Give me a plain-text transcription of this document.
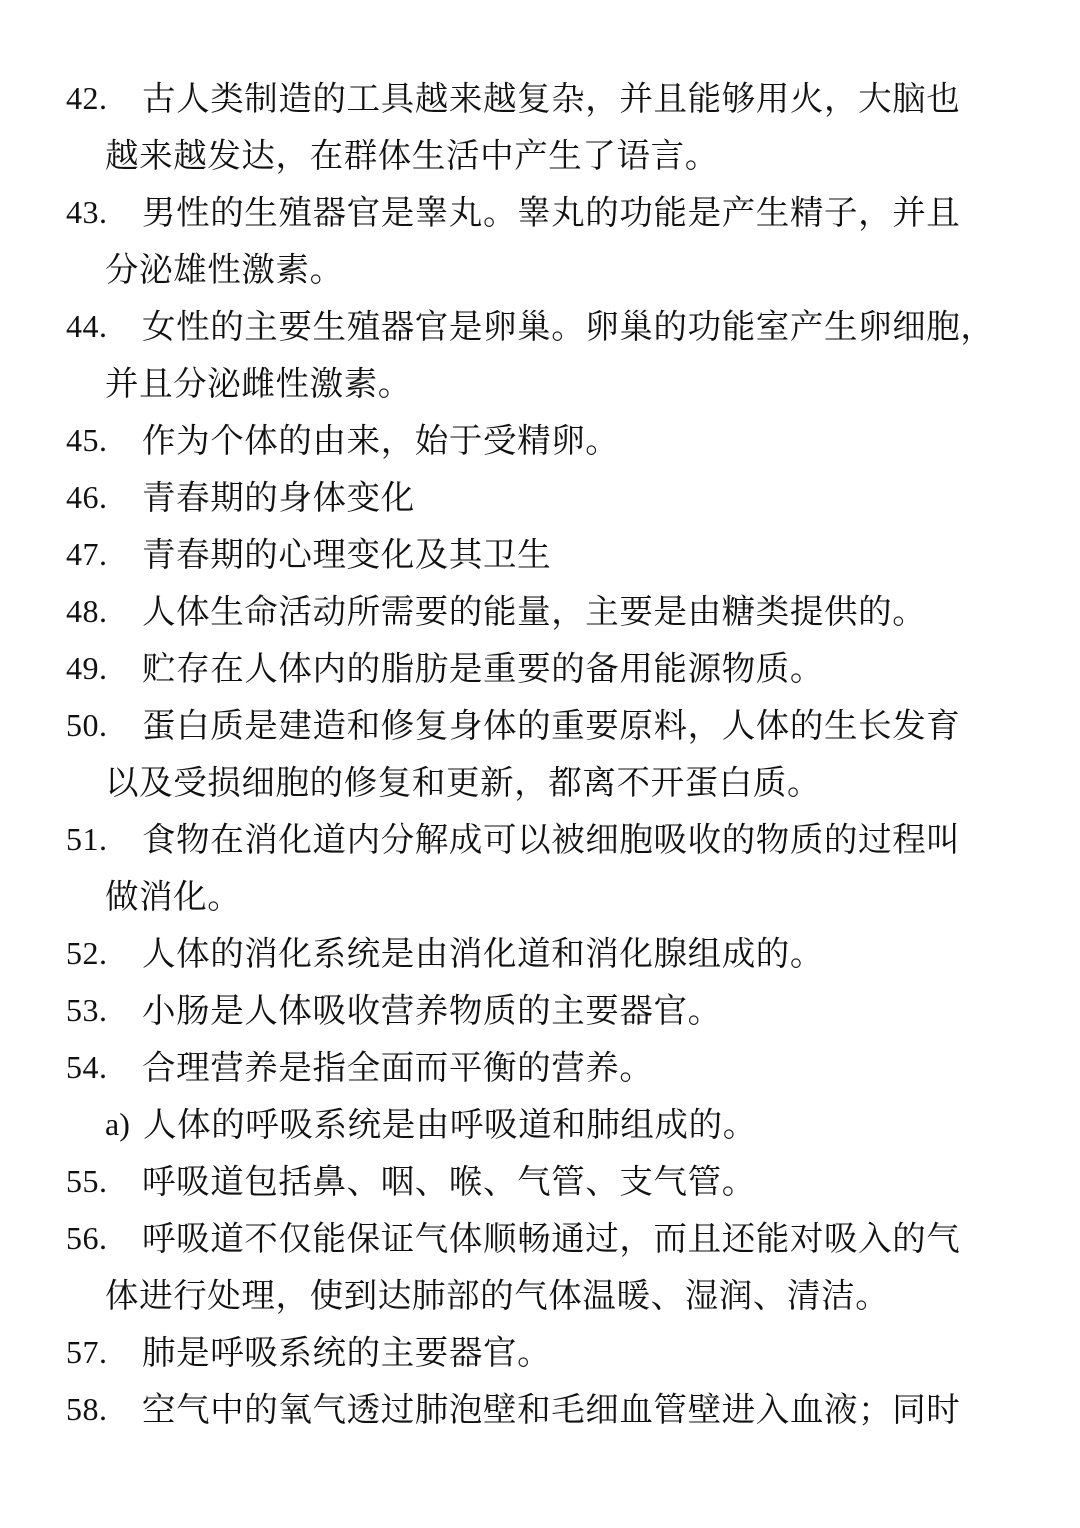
42.	古人类制造的工具越来越复杂，并且能够用火，大脑也
越来越发达，在群体生活中产生了语言。
43.	男性的生殖器官是睾丸。睾丸的功能是产生精子，并且
分泌雄性激素。
44.	女性的主要生殖器官是卵巢。卵巢的功能室产生卵细胞，
并且分泌雌性激素。
45.	作为个体的由来，始于受精卵。
46.	青春期的身体变化
47.	青春期的心理变化及其卫生
48.	人体生命活动所需要的能量，主要是由糖类提供的。
49.	贮存在人体内的脂肪是重要的备用能源物质。
50.	蛋白质是建造和修复身体的重要原料，人体的生长发育
以及受损细胞的修复和更新，都离不开蛋白质。
51.	食物在消化道内分解成可以被细胞吸收的物质的过程叫
做消化。
52.	人体的消化系统是由消化道和消化腺组成的。
53.	小肠是人体吸收营养物质的主要器官。
54.	合理营养是指全面而平衡的营养。
a) 人体的呼吸系统是由呼吸道和肺组成的。
55.	呼吸道包括鼻、咽、喉、气管、支气管。
56.	呼吸道不仅能保证气体顺畅通过，而且还能对吸入的气
体进行处理，使到达肺部的气体温暖、湿润、清洁。
57.	肺是呼吸系统的主要器官。
58.	空气中的氧气透过肺泡壁和毛细血管壁进入血液；同时
